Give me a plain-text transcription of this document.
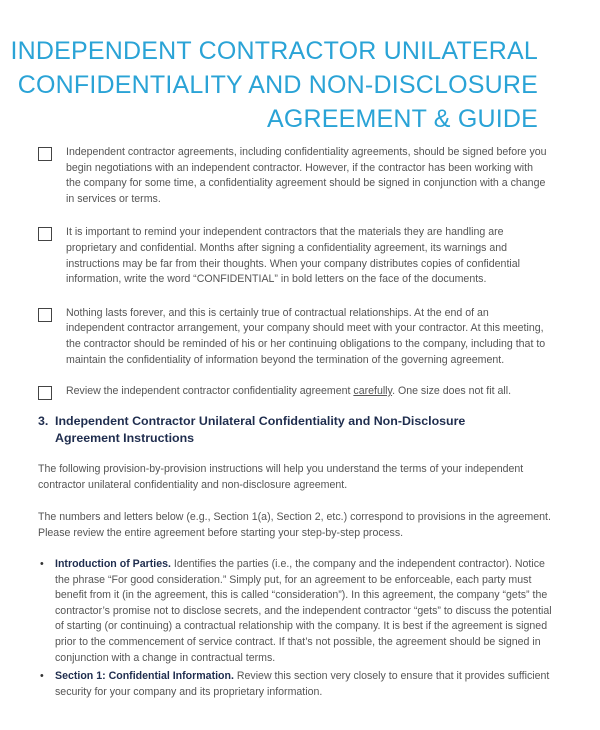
INDEPENDENT CONTRACTOR UNILATERAL
CONFIDENTIALITY AND NON-DISCLOSURE
AGREEMENT & GUIDE
Independent contractor agreements, including confidentiality agreements, should be signed before you begin negotiations with an independent contractor. However, if the contractor has been working with the company for some time, a confidentiality agreement should be signed in conjunction with a change in services or terms.
It is important to remind your independent contractors that the materials they are handling are proprietary and confidential. Months after signing a confidentiality agreement, its warnings and instructions may be far from their thoughts. When your company distributes copies of confidential information, write the word “CONFIDENTIAL” in bold letters on the face of the documents.
Nothing lasts forever, and this is certainly true of contractual relationships. At the end of an independent contractor arrangement, your company should meet with your contractor. At this meeting, the contractor should be reminded of his or her continuing obligations to the company, including that to maintain the confidentiality of information beyond the termination of the governing agreement.
Review the independent contractor confidentiality agreement carefully. One size does not fit all.
3. Independent Contractor Unilateral Confidentiality and Non-Disclosure
Agreement Instructions

The following provision-by-provision instructions will help you understand the terms of your independent contractor unilateral confidentiality and non-disclosure agreement.

The numbers and letters below (e.g., Section 1(a), Section 2, etc.) correspond to provisions in the agreement. Please review the entire agreement before starting your step-by-step process.

• Introduction of Parties. Identifies the parties (i.e., the company and the independent contractor). Notice the phrase “For good consideration.” Simply put, for an agreement to be enforceable, each party must benefit from it (in the agreement, this is called “consideration”). In this agreement, the company “gets” the contractor’s promise not to disclose secrets, and the independent contractor “gets” to discuss the potential of starting (or continuing) a contractual relationship with the company. It is best if the agreement is signed prior to the commencement of service contract. If that’s not possible, the agreement should be signed in conjunction with a change in contractual terms.
• Section 1: Confidential Information. Review this section very closely to ensure that it provides sufficient security for your company and its proprietary information.
